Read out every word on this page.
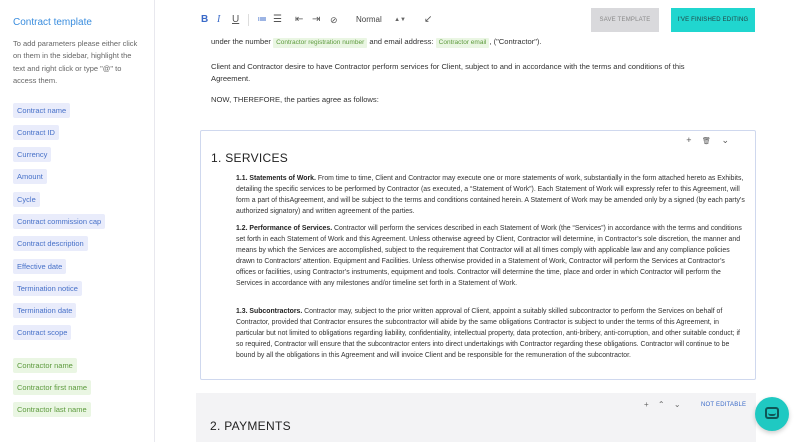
Contract template
To add parameters please either click on them in the sidebar, highlight the text and right click or type "@" to access them.
Contract name
Contract ID
Currency
Amount
Cycle
Contract commission cap
Contract description
Effective date
Termination notice
Termination date
Contract scope
Contractor name
Contractor first name
Contractor last name
B I U ≔ ☰ ⇤ ⇥ ⊘ Normal ▲▼ ↙	SAVE TEMPLATE	I'VE FINISHED EDITING
under the number Contractor registration number and email address: Contractor email , ("Contractor").
Client and Contractor desire to have Contractor perform services for Client, subject to and in accordance with the terms and conditions of this Agreement.
NOW, THEREFORE, the parties agree as follows:
+ 🗑 ⌄
1. SERVICES
1.1. Statements of Work. From time to time, Client and Contractor may execute one or more statements of work, substantially in the form attached hereto as Exhibits, detailing the specific services to be performed by Contractor (as executed, a “Statement of Work”). Each Statement of Work will expressly refer to this Agreement, will form a part of thisAgreement, and will be subject to the terms and conditions contained herein. A Statement of Work may be amended only by a signed (by each party’s authorized signatory) and written agreement of the parties.
1.2. Performance of Services. Contractor will perform the services described in each Statement of Work (the “Services”) in accordance with the terms and conditions set forth in each Statement of Work and this Agreement. Unless otherwise agreed by Client, Contractor will determine, in Contractor’s sole discretion, the manner and means by which the Services are accomplished, subject to the requirement that Contractor will at all times comply with applicable law and any compliance policies drawn to Contractors’ attention. Equipment and Facilities. Unless otherwise provided in a Statement of Work, Contractor will perform the Services at Contractor’s offices or facilities, using Contractor’s instruments, equipment and tools. Contractor will determine the time, place and order in which Contractor will perform the Services in accordance with any milestones and/or timeline set forth in a Statement of Work.
1.3. Subcontractors. Contractor may, subject to the prior written approval of Client, appoint a suitably skilled subcontractor to perform the Services on behalf of Contractor, provided that Contractor ensures the subcontractor will abide by the same obligations Contractor is subject to under the terms of this Agreement, in particular but not limited to obligations regarding liability, confidentiality, intellectual property, data protection, anti-bribery, anti-corruption, and other suitable conduct; if so required, Contractor will ensure that the subcontractor enters into direct undertakings with Contractor regarding these obligations. Contractor will continue to be bound by all the obligations in this Agreement and will invoice Client and be responsible for the remuneration of the subcontractor.
+ ⌃ ⌄	NOT EDITABLE
2. PAYMENTS
